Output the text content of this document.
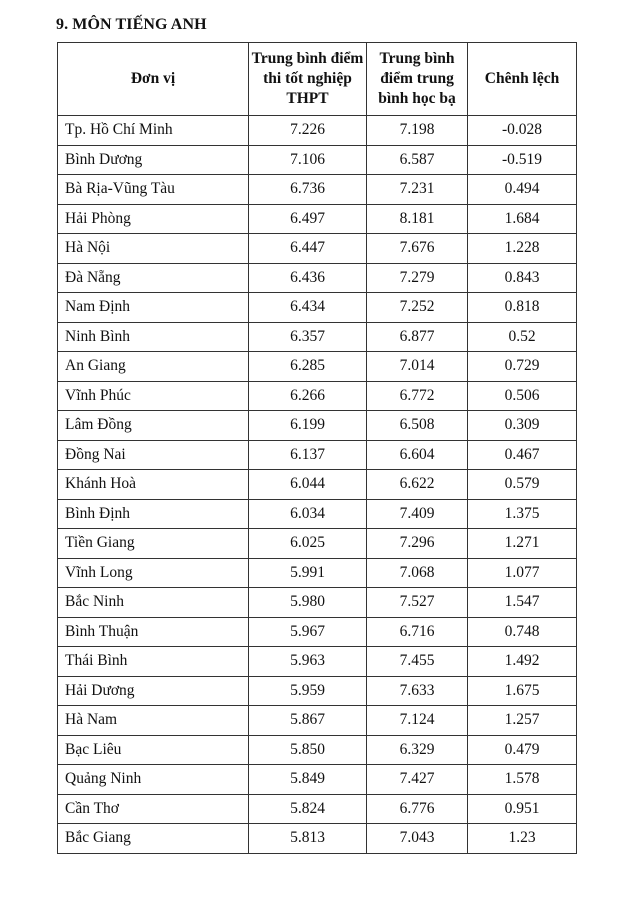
9. MÔN TIẾNG ANH
Đơn vị	Trung bình điểm thi tốt nghiệp THPT	Trung bình điểm trung bình học bạ	Chênh lệch
Tp. Hồ Chí Minh	7.226	7.198	-0.028
Bình Dương	7.106	6.587	-0.519
Bà Rịa-Vũng Tàu	6.736	7.231	0.494
Hải Phòng	6.497	8.181	1.684
Hà Nội	6.447	7.676	1.228
Đà Nẵng	6.436	7.279	0.843
Nam Định	6.434	7.252	0.818
Ninh Bình	6.357	6.877	0.52
An Giang	6.285	7.014	0.729
Vĩnh Phúc	6.266	6.772	0.506
Lâm Đồng	6.199	6.508	0.309
Đồng Nai	6.137	6.604	0.467
Khánh Hoà	6.044	6.622	0.579
Bình Định	6.034	7.409	1.375
Tiền Giang	6.025	7.296	1.271
Vĩnh Long	5.991	7.068	1.077
Bắc Ninh	5.980	7.527	1.547
Bình Thuận	5.967	6.716	0.748
Thái Bình	5.963	7.455	1.492
Hải Dương	5.959	7.633	1.675
Hà Nam	5.867	7.124	1.257
Bạc Liêu	5.850	6.329	0.479
Quảng Ninh	5.849	7.427	1.578
Cần Thơ	5.824	6.776	0.951
Bắc Giang	5.813	7.043	1.23
